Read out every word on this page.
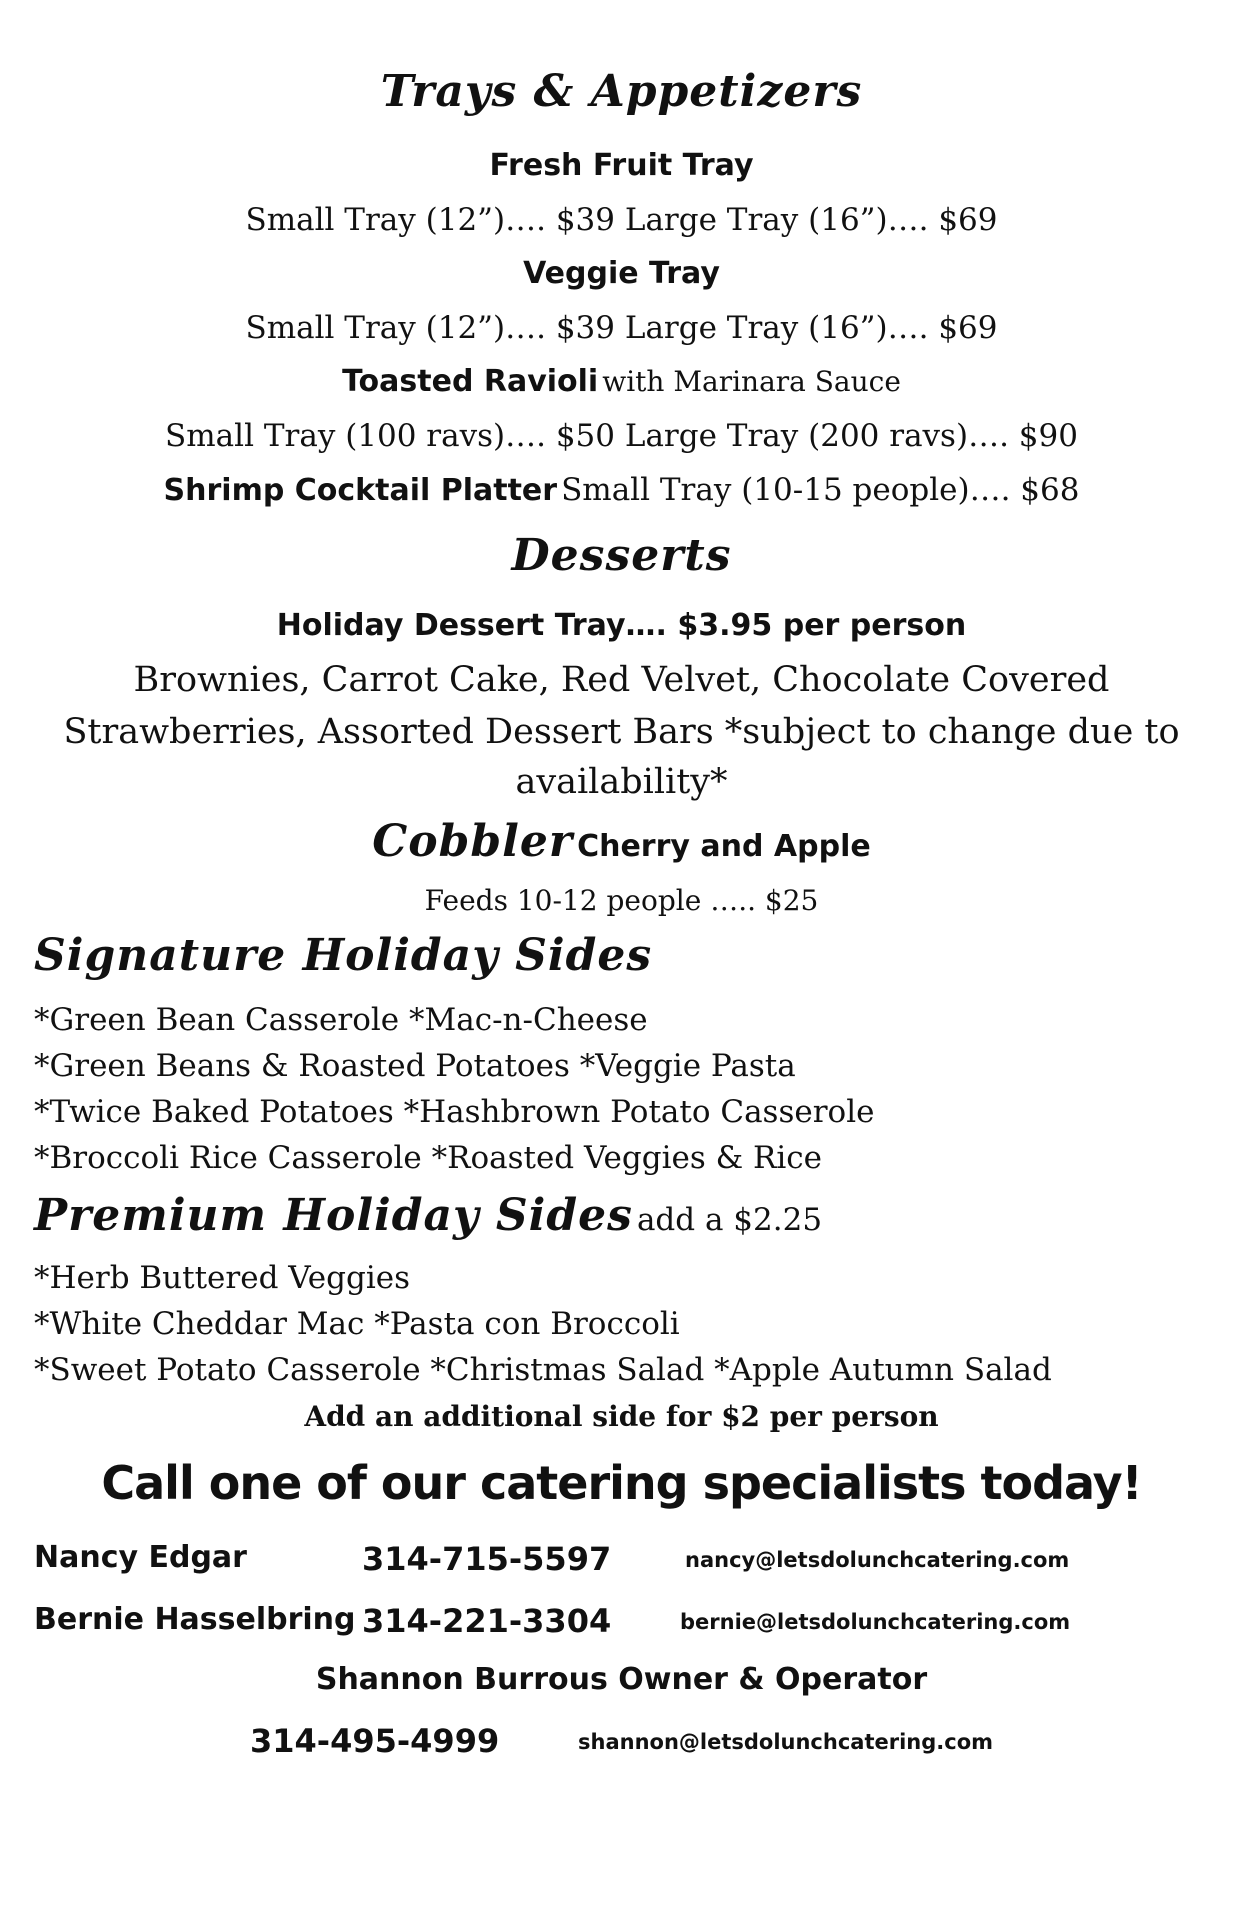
Trays & Appetizers
Fresh Fruit Tray
Small Tray (12”)…. $39 Large Tray (16”)…. $69
Veggie Tray
Small Tray (12”)…. $39 Large Tray (16”)…. $69
Toasted Ravioli with Marinara Sauce
Small Tray (100 ravs)…. $50 Large Tray (200 ravs)…. $90
Shrimp Cocktail Platter Small Tray (10-15 people)…. $68
Desserts
Holiday Dessert Tray…. $3.95 per person
Brownies, Carrot Cake, Red Velvet, Chocolate Covered
Strawberries, Assorted Dessert Bars *subject to change due to
availability*
Cobbler Cherry and Apple
Feeds 10-12 people ….. $25
Signature Holiday Sides
*Green Bean Casserole *Mac-n-Cheese
*Green Beans & Roasted Potatoes *Veggie Pasta
*Twice Baked Potatoes *Hashbrown Potato Casserole
*Broccoli Rice Casserole *Roasted Veggies & Rice
Premium Holiday Sides add a $2.25
*Herb Buttered Veggies
*White Cheddar Mac *Pasta con Broccoli
*Sweet Potato Casserole *Christmas Salad *Apple Autumn Salad
Add an additional side for $2 per person
Call one of our catering specialists today!
Nancy Edgar	314-715-5597	nancy@letsdolunchcatering.com
Bernie Hasselbring 314-221-3304	bernie@letsdolunchcatering.com
Shannon Burrous Owner & Operator
314-495-4999	shannon@letsdolunchcatering.com
